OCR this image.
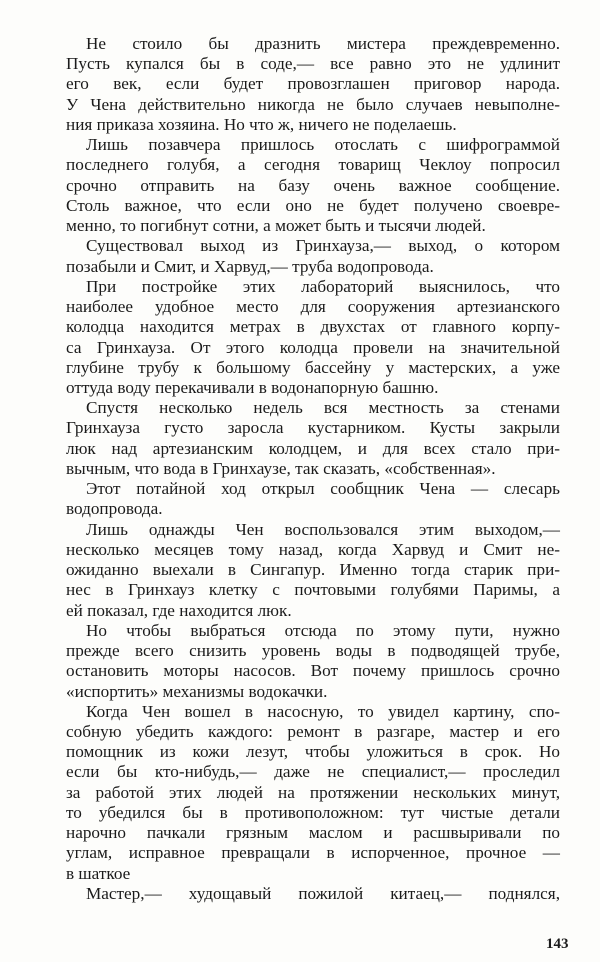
Не стоило бы дразнить мистера преждевременно.
Пусть купался бы в соде,— все равно это не удлинит
его век, если будет провозглашен приговор народа.
У Чена действительно никогда не было случаев невыполне-
ния приказа хозяина. Но что ж, ничего не поделаешь.
Лишь позавчера пришлось отослать с шифрограммой
последнего голубя, а сегодня товарищ Чеклоу попросил
срочно отправить на базу очень важное сообщение.
Столь важное, что если оно не будет получено своевре-
менно, то погибнут сотни, а может быть и тысячи людей.
Существовал выход из Гринхауза,— выход, о котором
позабыли и Смит, и Харвуд,— труба водопровода.
При постройке этих лабораторий выяснилось, что
наиболее удобное место для сооружения артезианского
колодца находится метрах в двухстах от главного корпу-
са Гринхауза. От этого колодца провели на значительной
глубине трубу к большому бассейну у мастерских, а уже
оттуда воду перекачивали в водонапорную башню.
Спустя несколько недель вся местность за стенами
Гринхауза густо заросла кустарником. Кусты закрыли
люк над артезианским колодцем, и для всех стало при-
вычным, что вода в Гринхаузе, так сказать, «собственная».
Этот потайной ход открыл сообщник Чена — слесарь
водопровода.
Лишь однажды Чен воспользовался этим выходом,—
несколько месяцев тому назад, когда Харвуд и Смит не-
ожиданно выехали в Сингапур. Именно тогда старик при-
нес в Гринхауз клетку с почтовыми голубями Паримы, а
ей показал, где находится люк.
Но чтобы выбраться отсюда по этому пути, нужно
прежде всего снизить уровень воды в подводящей трубе,
остановить моторы насосов. Вот почему пришлось срочно
«испортить» механизмы водокачки.
Когда Чен вошел в насосную, то увидел картину, спо-
собную убедить каждого: ремонт в разгаре, мастер и его
помощник из кожи лезут, чтобы уложиться в срок. Но
если бы кто-нибудь,— даже не специалист,— проследил
за работой этих людей на протяжении нескольких минут,
то убедился бы в противоположном: тут чистые детали
нарочно пачкали грязным маслом и расшвыривали по
углам, исправное превращали в испорченное, прочное —
в шаткое
Мастер,— худощавый пожилой китаец,— поднялся,
143
